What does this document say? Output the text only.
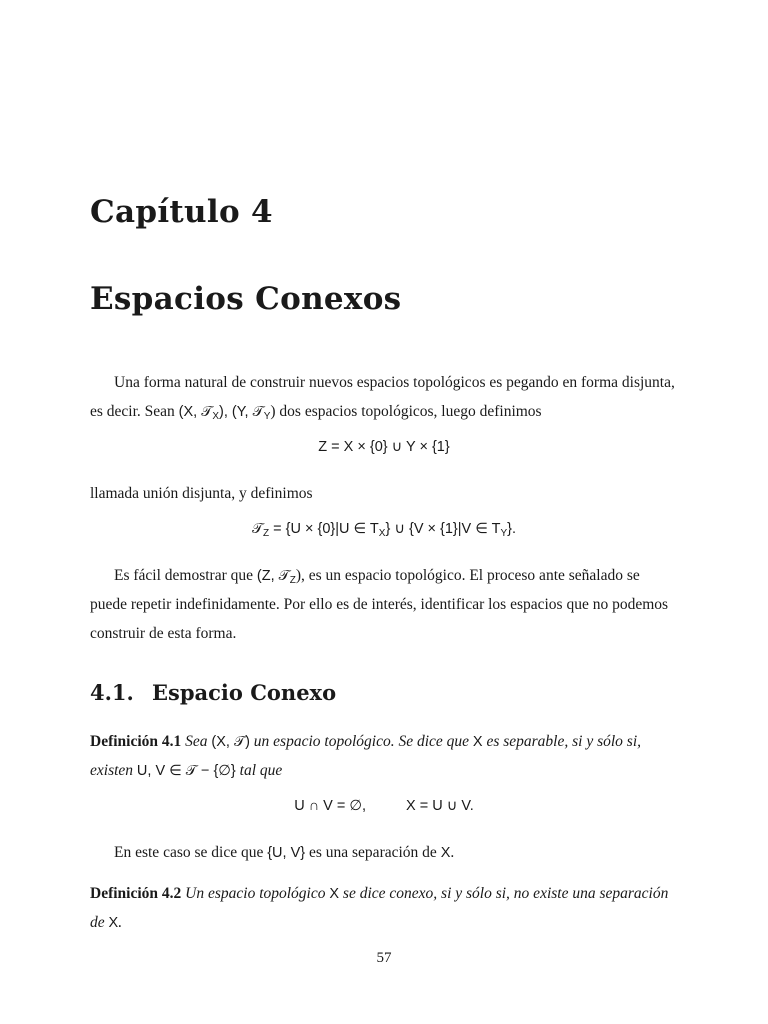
Capítulo 4
Espacios Conexos
Una forma natural de construir nuevos espacios topológicos es pegando en forma disjunta,
es decir. Sean (X, 𝒯X), (Y, 𝒯Y) dos espacios topológicos, luego definimos
Z = X × {0} ∪ Y × {1}
llamada unión disjunta, y definimos
𝒯Z = {U × {0}|U ∈ TX} ∪ {V × {1}|V ∈ TY}.
Es fácil demostrar que (Z, 𝒯Z), es un espacio topológico. El proceso ante señalado se
puede repetir indefinidamente. Por ello es de interés, identificar los espacios que no podemos
construir de esta forma.
4.1. Espacio Conexo
Definición 4.1 Sea (X, 𝒯) un espacio topológico. Se dice que X es separable, si y sólo si,
existen U, V ∈ 𝒯 − {∅} tal que
U ∩ V = ∅,	X = U ∪ V.
En este caso se dice que {U, V} es una separación de X.
Definición 4.2 Un espacio topológico X se dice conexo, si y sólo si, no existe una separación
de X.
57
